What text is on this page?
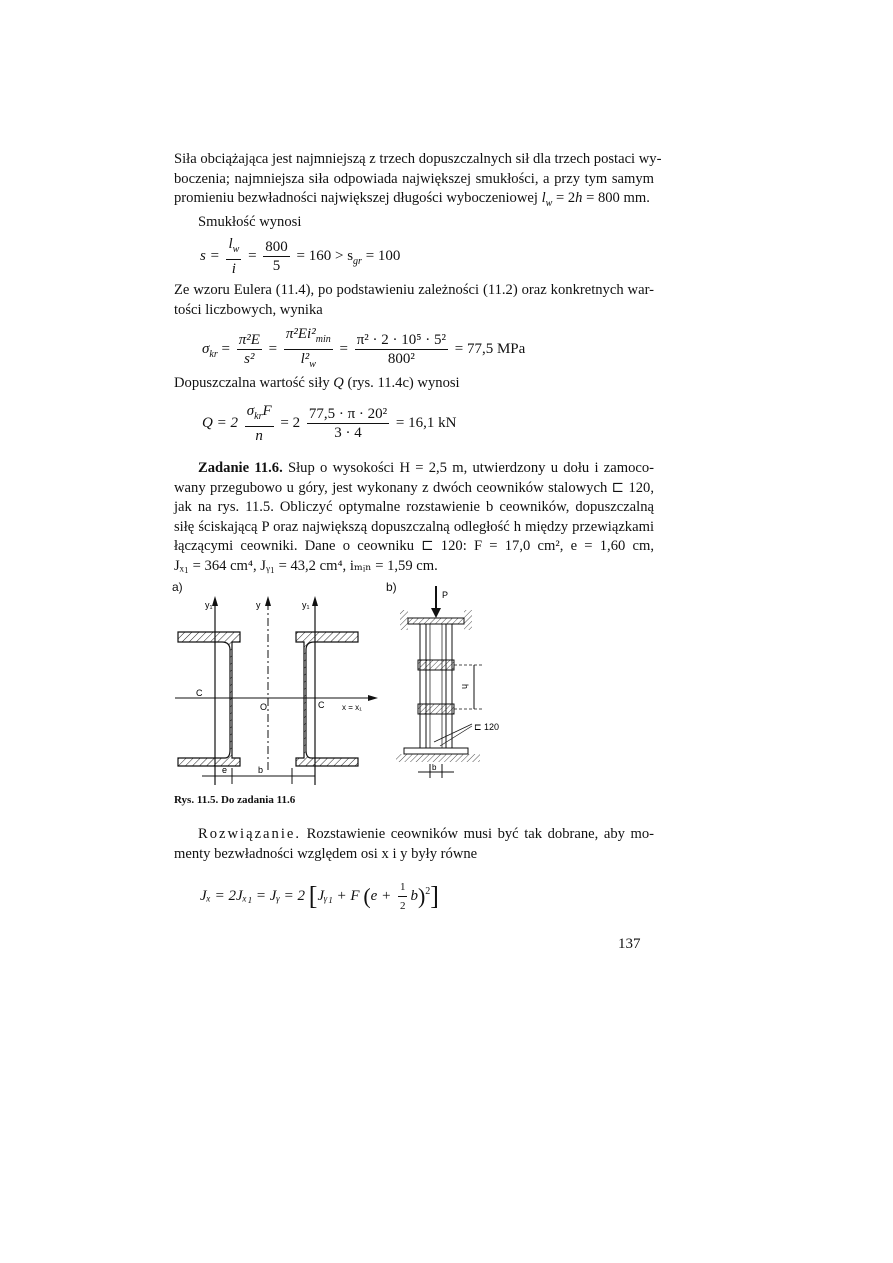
Siła obciążająca jest najmniejszą z trzech dopuszczalnych sił dla trzech postaci wy-
boczenia; najmniejsza siła odpowiada największej smukłości, a przy tym samym
promieniu bezwładności największej długości wyboczeniowej $l_w = 2h = 800$ mm.
Smukłość wynosi
$s = \frac{l_w}{i} = \frac{800}{5} = 160 > s_{gr} = 100$
Ze wzoru Eulera (11.4), po podstawieniu zależności (11.2) oraz konkretnych war-
tości liczbowych, wynika
$\sigma_{kr} = \frac{\text{π²E}}{\text{s²}} = \frac{\pi^2Ei^2_{min}}{l^2_w} = \frac{\text{π² · 2 · 10⁵ · 5²}}{\text{800²}} = 77,5$ MPa
Dopuszczalna wartość siły Q (rys. 11.4c) wynosi
$Q = 2 \frac{\sigma_{kr}F}{n} = 2 \frac{\text{77,5 · π · 20²}}{3 \cdot 4} = 16,1$ kN
Zadanie 11.6. Słup o wysokości H = 2,5 m, utwierdzony u dołu i zamoco-
wany przegubowo u góry, jest wykonany z dwóch ceowników stalowych ⊏ 120,
jak na rys. 11.5. Obliczyć optymalne rozstawienie b ceowników, dopuszczalną
siłę ściskającą P oraz największą dopuszczalną odległość h między przewiązkami
łączącymi ceowniki. Dane o ceowniku ⊏ 120: F = 17,0 cm², e = 1,60 cm,
Jₓ₁ = 364 cm⁴, Jᵧ₁ = 43,2 cm⁴, iₘᵢₙ = 1,59 cm.
a)
C
O	C x = x₁
y₁	y	y₁
e	b
b)
h
⊏ 120
b
P
Rys. 11.5. Do zadania 11.6
Rozwiązanie. Rozstawienie ceowników musi być tak dobrane, aby mo-
menty bezwładności względem osi x i y były równe
Jₓ = 2Jₓ₁ = Jᵧ = 2 [Jᵧ₁ + F $(e + \frac{1}{2} b)^2$]
137
